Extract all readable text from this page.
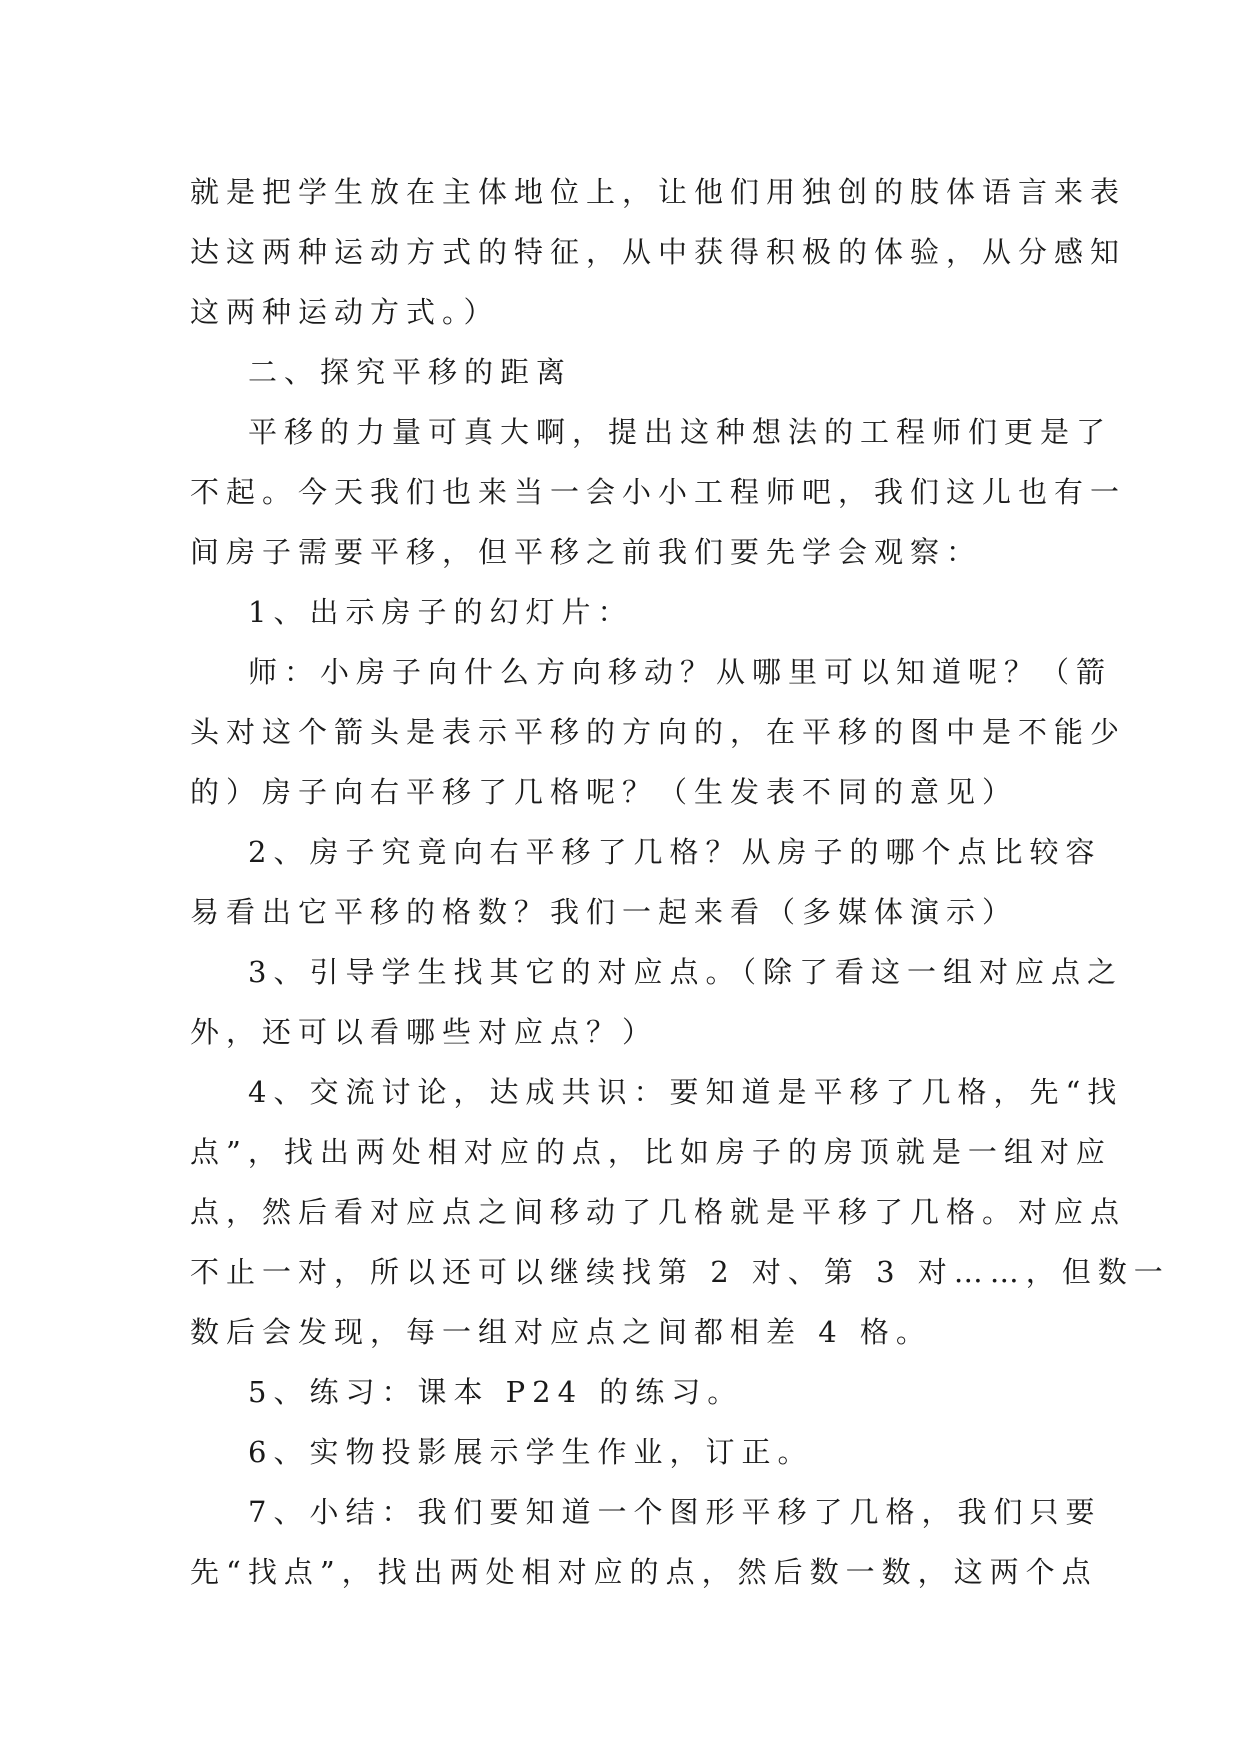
就是把学生放在主体地位上，让他们用独创的肢体语言来表
达这两种运动方式的特征，从中获得积极的体验，从分感知
这两种运动方式。）
二、探究平移的距离
平移的力量可真大啊，提出这种想法的工程师们更是了
不起。今天我们也来当一会小小工程师吧，我们这儿也有一
间房子需要平移，但平移之前我们要先学会观察：
1、出示房子的幻灯片：
师：小房子向什么方向移动？从哪里可以知道呢？（箭
头对这个箭头是表示平移的方向的，在平移的图中是不能少
的）房子向右平移了几格呢？（生发表不同的意见）
2、房子究竟向右平移了几格？从房子的哪个点比较容
易看出它平移的格数？我们一起来看（多媒体演示）
3、引导学生找其它的对应点。（除了看这一组对应点之
外，还可以看哪些对应点？）
4、交流讨论，达成共识：要知道是平移了几格，先“找
点”，找出两处相对应的点，比如房子的房顶就是一组对应
点，然后看对应点之间移动了几格就是平移了几格。对应点
不止一对，所以还可以继续找第 2 对、第 3 对……，但数一
数后会发现，每一组对应点之间都相差 4 格。
5、练习：课本 P24 的练习。
6、实物投影展示学生作业，订正。
7、小结：我们要知道一个图形平移了几格，我们只要
先“找点”，找出两处相对应的点，然后数一数，这两个点
